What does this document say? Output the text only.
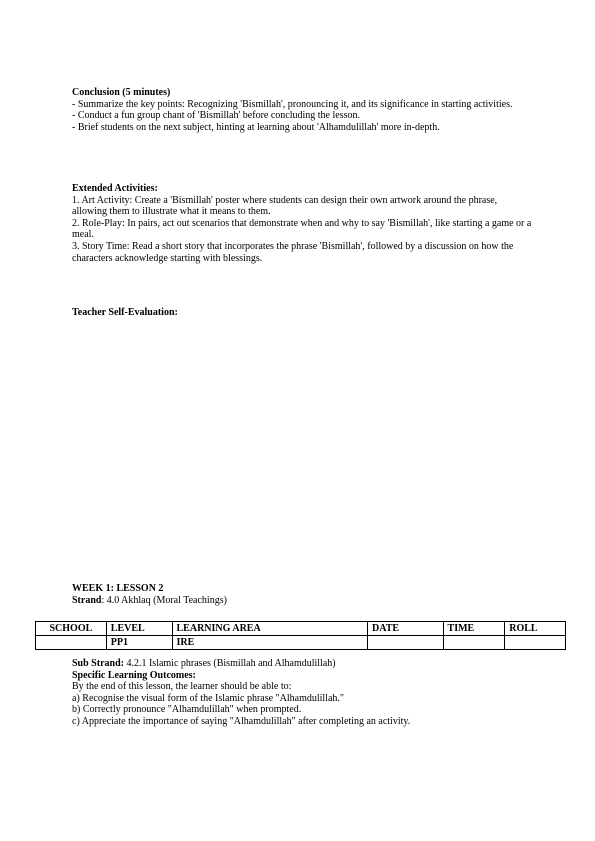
Conclusion (5 minutes)
- Summarize the key points: Recognizing 'Bismillah', pronouncing it, and its significance in starting activities.
- Conduct a fun group chant of 'Bismillah' before concluding the lesson.
- Brief students on the next subject, hinting at learning about 'Alhamdulillah' more in-depth.
Extended Activities:
1. Art Activity: Create a 'Bismillah' poster where students can design their own artwork around the phrase, allowing them to illustrate what it means to them.
2. Role-Play: In pairs, act out scenarios that demonstrate when and why to say 'Bismillah', like starting a game or a meal.
3. Story Time: Read a short story that incorporates the phrase 'Bismillah', followed by a discussion on how the characters acknowledge starting with blessings.
Teacher Self-Evaluation:
WEEK 1: LESSON 2
Strand: 4.0 Akhlaq (Moral Teachings)
SCHOOL	LEVEL	LEARNING AREA	DATE	TIME	ROLL
	PP1	IRE			
Sub Strand: 4.2.1 Islamic phrases (Bismillah and Alhamdulillah)
Specific Learning Outcomes:
By the end of this lesson, the learner should be able to:
a) Recognise the visual form of the Islamic phrase "Alhamdulillah."
b) Correctly pronounce "Alhamdulillah" when prompted.
c) Appreciate the importance of saying "Alhamdulillah" after completing an activity.
